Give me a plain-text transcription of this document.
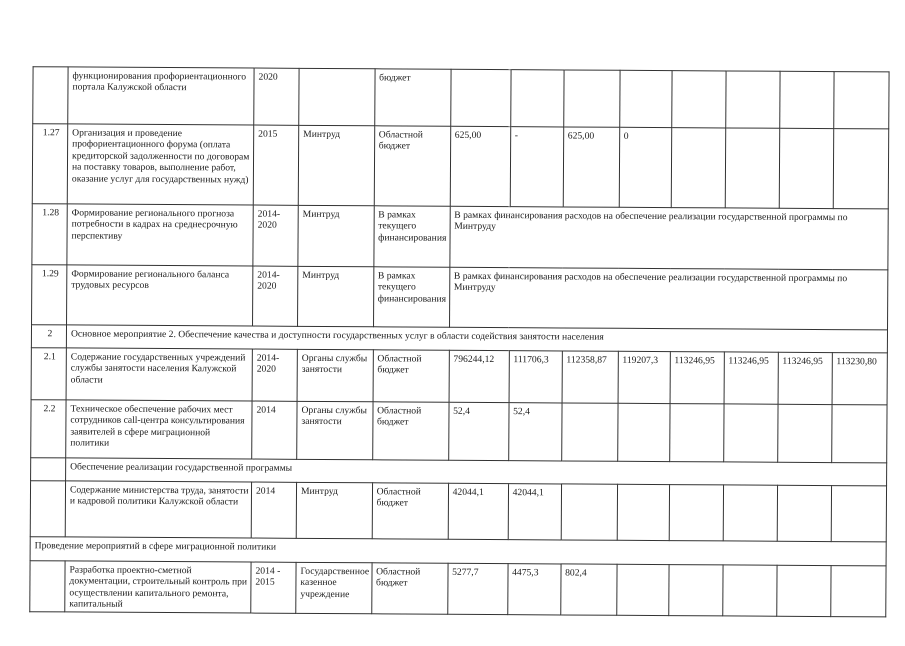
	функционирования профориентационного портала Калужской области	2020		бюджет								
1.27	Организация и проведение профориентационного форума (оплата кредиторской задолженности по договорам на поставку товаров, выполнение работ, оказание услуг для государственных нужд)	2015	Минтруд	Областной бюджет	625,00	-	625,00	0				
1.28	Формирование регионального прогноза потребности в кадрах на среднесрочную перспективу	2014-2020	Минтруд	В рамках текущего финансирования	В рамках финансирования расходов на обеспечение реализации государственной программы по Минтруду							
1.29	Формирование регионального баланса трудовых ресурсов	2014-2020	Минтруд	В рамках текущего финансирования	В рамках финансирования расходов на обеспечение реализации государственной программы по Минтруду							
2	Основное мероприятие 2. Обеспечение качества и доступности государственных услуг в области содействия занятости населения											
2.1	Содержание государственных учреждений службы занятости населения Калужской области	2014-2020	Органы службы занятости	Областной бюджет	796244,12	111706,3	112358,87	119207,3	113246,95	113246,95	113246,95	113230,80
2.2	Техническое обеспечение рабочих мест сотрудников call-центра консультирования заявителей в сфере миграционной политики	2014	Органы службы занятости	Областной бюджет	52,4	52,4						
	Обеспечение реализации государственной программы											
	Содержание министерства труда, занятости и кадровой политики Калужской области	2014	Минтруд	Областной бюджет	42044,1	42044,1						
Проведение мероприятий в сфере миграционной политики												
	Разработка проектно-сметной документации, строительный контроль при осуществлении капитального ремонта, капитальный	2014 - 2015	Государственное казенное учреждение	Областной бюджет	5277,7	4475,3	802,4					
